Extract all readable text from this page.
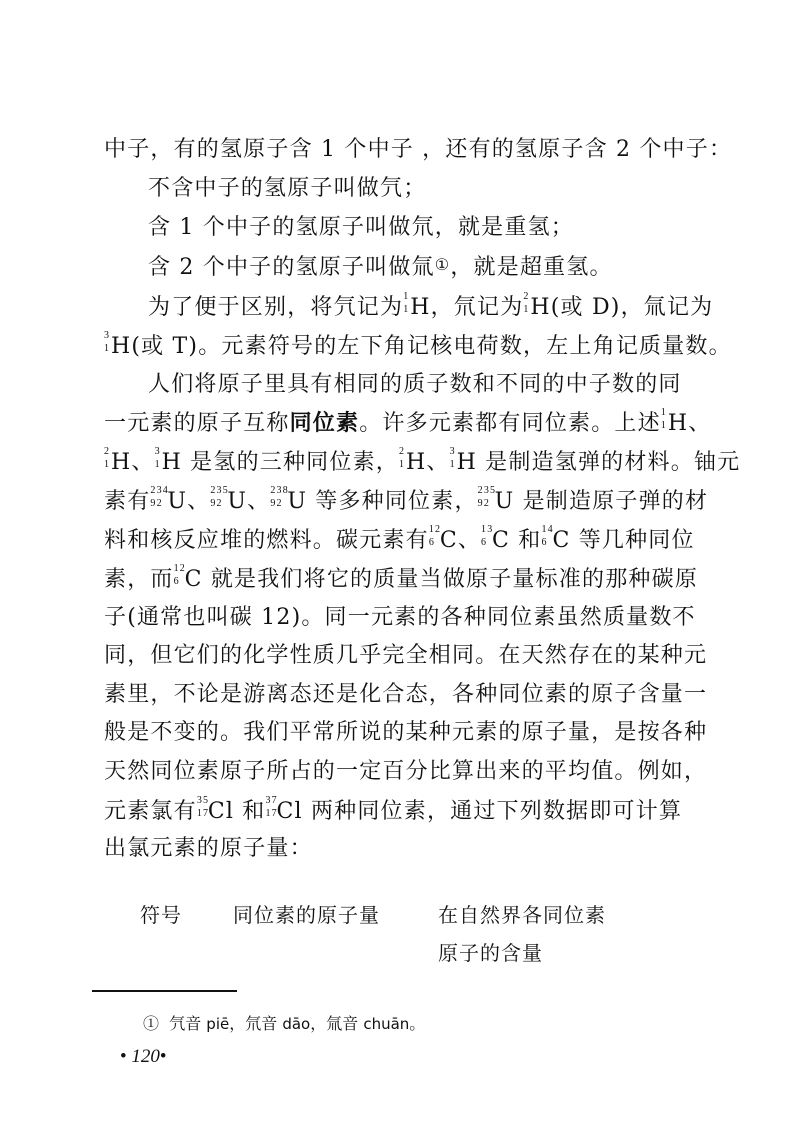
中子，有的氢原子含 1 个中子 ，还有的氢原子含 2 个中子：
不含中子的氢原子叫做氕；
含 1 个中子的氢原子叫做氘，就是重氢；
含 2 个中子的氢原子叫做氚①，就是超重氢。
为了便于区别，将氕记为 1
1 H，氘记为 2
1 H(或 D)，氚记为
3
1 H(或 T)。元素符号的左下角记核电荷数，左上角记质量数。
人们将原子里具有相同的质子数和不同的中子数的同
一元素的原子互称同位素。许多元素都有同位素。上述 1
1 H、
2
1 H、 3
1 H 是氢的三种同位素， 2
1 H、 3
1 H 是制造氢弹的材料。铀元
素有 234
92 U、 235
92 U、 238
92 U 等多种同位素， 235
92 U 是制造原子弹的材
料和核反应堆的燃料。碳元素有 12
6 C、 13
6 C 和 14
6 C 等几种同位
素，而 12
6 C 就是我们将它的质量当做原子量标准的那种碳原
子(通常也叫碳 12)。同一元素的各种同位素虽然质量数不
同，但它们的化学性质几乎完全相同。在天然存在的某种元
素里，不论是游离态还是化合态，各种同位素的原子含量一
般是不变的。我们平常所说的某种元素的原子量，是按各种
天然同位素原子所占的一定百分比算出来的平均值。例如，
元素氯有 35
17
Cl 和 37
17
Cl 两种同位素，通过下列数据即可计算
出氯元素的原子量：
符号	同位素的原子量	在自然界各同位素
原子的含量
① 氕音 piē，氘音 dāo，氚音 chuān。
• 120•
